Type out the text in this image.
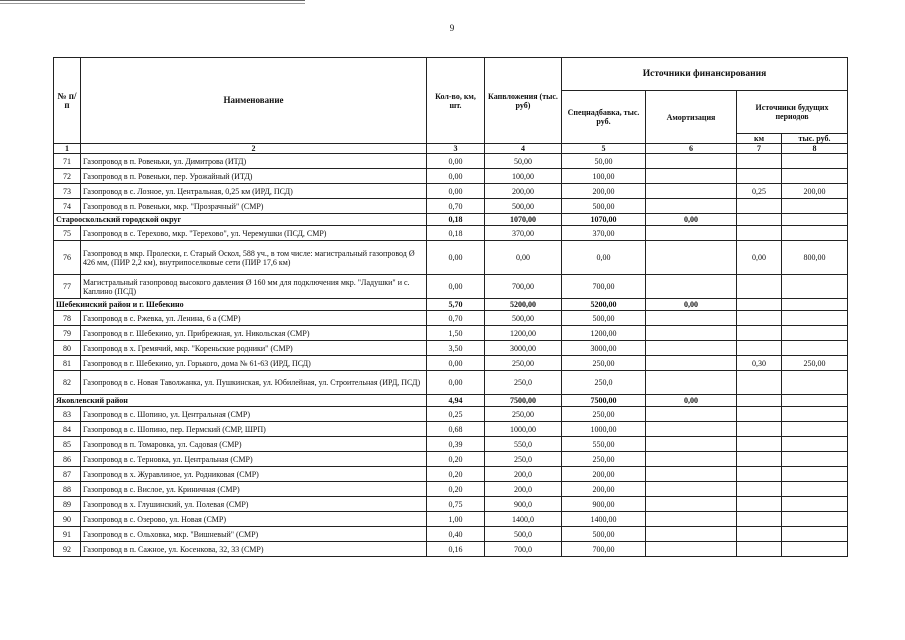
9
№ п/п	Наименование	Кол-во, км, шт.	Капвложения (тыс. руб)	Источники финансирования			
				Спецнадбавка, тыс. руб.	Амортизация	Источники будущих периодов	
						км	тыс. руб.
1	2	3	4	5	6	7	8
71	Газопровод в п. Ровеньки, ул. Димитрова (ИТД)	0,00	50,00	50,00			
72	Газопровод в п. Ровеньки, пер. Урожайный (ИТД)	0,00	100,00	100,00			
73	Газопровод в с. Лозное, ул. Центральная, 0,25 км (ИРД, ПСД)	0,00	200,00	200,00		0,25	200,00
74	Газопровод в п. Ровеньки, мкр. "Прозрачный" (СМР)	0,70	500,00	500,00			
Старооскольский городской округ		0,18	1070,00	1070,00	0,00		
75	Газопровод в с. Терехово, мкр. "Терехово", ул. Черемушки (ПСД, СМР)	0,18	370,00	370,00			
76	Газопровод в мкр. Пролески, г. Старый Оскол, 588 уч., в том числе: магистральный газопровод Ø 426 мм, (ПИР 2,2 км), внутрипоселковые сети (ПИР 17,6 км)	0,00	0,00	0,00		0,00	800,00
77	Магистральный газопровод высокого давления Ø 160 мм для подключения мкр. "Ладушки" и с. Каплино (ПСД)	0,00	700,00	700,00			
Шебекинский район и г. Шебекино		5,70	5200,00	5200,00	0,00		
78	Газопровод в с. Ржевка, ул. Ленина, 6 а (СМР)	0,70	500,00	500,00			
79	Газопровод в г. Шебекино, ул. Прибрежная, ул. Никольская (СМР)	1,50	1200,00	1200,00			
80	Газопровод в х. Гремячий, мкр. "Кореньские родники" (СМР)	3,50	3000,00	3000,00			
81	Газопровод в г. Шебекино, ул. Горького, дома № 61-63 (ИРД, ПСД)	0,00	250,00	250,00		0,30	250,00
82	Газопровод в с. Новая Таволжанка, ул. Пушкинская, ул. Юбилейная, ул. Строительная (ИРД, ПСД)	0,00	250,0	250,0			
Яковлевский район		4,94	7500,00	7500,00	0,00		
83	Газопровод в с. Шопино, ул. Центральная (СМР)	0,25	250,00	250,00			
84	Газопровод в с. Шопино, пер. Пермский (СМР, ШРП)	0,68	1000,00	1000,00			
85	Газопровод в п. Томаровка, ул. Садовая (СМР)	0,39	550,0	550,00			
86	Газопровод в с. Терновка, ул. Центральная (СМР)	0,20	250,0	250,00			
87	Газопровод в х. Журавлиное, ул. Родниковая (СМР)	0,20	200,0	200,00			
88	Газопровод в с. Вислое, ул. Криничная (СМР)	0,20	200,0	200,00			
89	Газопровод в х. Глушинский, ул. Полевая (СМР)	0,75	900,0	900,00			
90	Газопровод в с. Озерово, ул. Новая (СМР)	1,00	1400,0	1400,00			
91	Газопровод в с. Ольховка, мкр. "Вишневый" (СМР)	0,40	500,0	500,00			
92	Газопровод в п. Сажное, ул. Косенкова, 32, 33 (СМР)	0,16	700,0	700,00			
